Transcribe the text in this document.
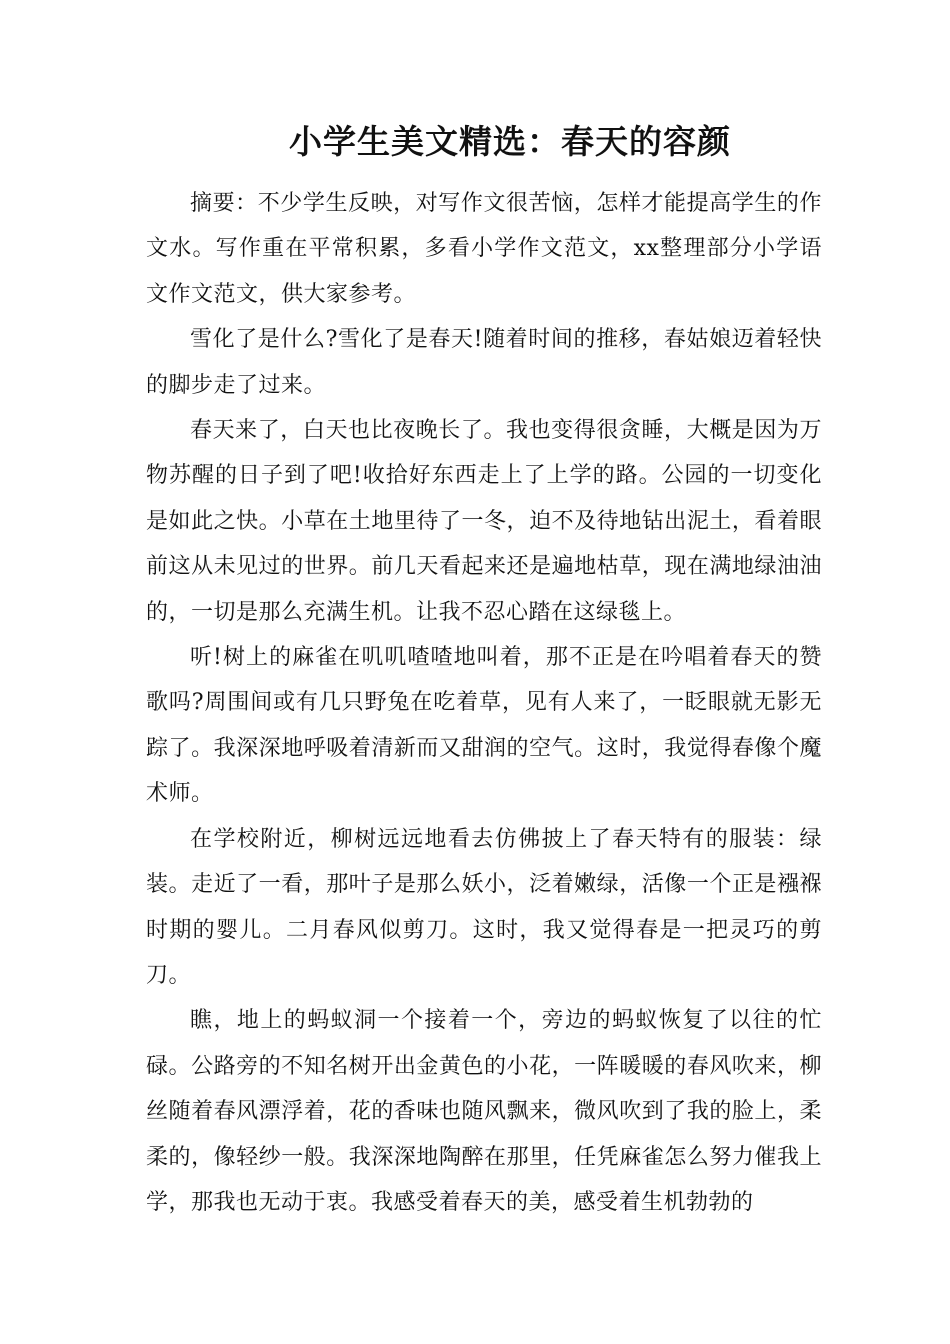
小学生美文精选：春天的容颜

摘要：不少学生反映，对写作文很苦恼，怎样才能提高学生的作文水。写作重在平常积累，多看小学作文范文，xx整理部分小学语文作文范文，供大家参考。

雪化了是什么?雪化了是春天!随着时间的推移，春姑娘迈着轻快的脚步走了过来。

春天来了，白天也比夜晚长了。我也变得很贪睡，大概是因为万物苏醒的日子到了吧!收拾好东西走上了上学的路。公园的一切变化是如此之快。小草在土地里待了一冬，迫不及待地钻出泥土，看着眼前这从未见过的世界。前几天看起来还是遍地枯草，现在满地绿油油的，一切是那么充满生机。让我不忍心踏在这绿毯上。

听!树上的麻雀在叽叽喳喳地叫着，那不正是在吟唱着春天的赞歌吗?周围间或有几只野兔在吃着草，见有人来了，一眨眼就无影无踪了。我深深地呼吸着清新而又甜润的空气。这时，我觉得春像个魔术师。

在学校附近，柳树远远地看去仿佛披上了春天特有的服装：绿装。走近了一看，那叶子是那么妖小，泛着嫩绿，活像一个正是襁褓时期的婴儿。二月春风似剪刀。这时，我又觉得春是一把灵巧的剪刀。

瞧，地上的蚂蚁洞一个接着一个，旁边的蚂蚁恢复了以往的忙碌。公路旁的不知名树开出金黄色的小花，一阵暖暖的春风吹来，柳丝随着春风漂浮着，花的香味也随风飘来，微风吹到了我的脸上，柔柔的，像轻纱一般。我深深地陶醉在那里，任凭麻雀怎么努力催我上学，那我也无动于衷。我感受着春天的美，感受着生机勃勃的
